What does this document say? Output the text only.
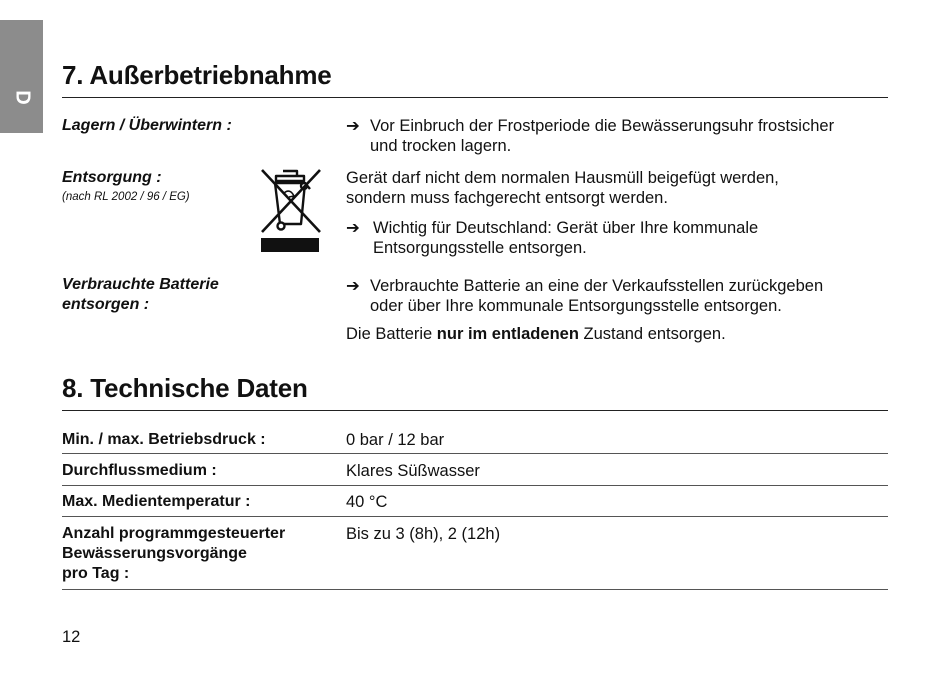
D
7. Außerbetriebnahme
Lagern / Überwintern :	➔ Vor Einbruch der Frostperiode die Bewässerungsuhr frostsicher
und trocken lagern.
Entsorgung :
(nach RL 2002 / 96 / EG)
Gerät darf nicht dem normalen Hausmüll beigefügt werden,
sondern muss fachgerecht entsorgt werden.
➔ Wichtig für Deutschland: Gerät über Ihre kommunale
Entsorgungsstelle entsorgen.
Verbrauchte Batterie
entsorgen :
➔ Verbrauchte Batterie an eine der Verkaufsstellen zurückgeben
oder über Ihre kommunale Entsorgungsstelle entsorgen.
Die Batterie nur im entladenen Zustand entsorgen.
8. Technische Daten
Min. / max. Betriebsdruck :	0 bar / 12 bar
Durchflussmedium :	Klares Süßwasser
Max. Medientemperatur :	40 °C
Anzahl programmgesteuerter
Bewässerungsvorgänge
pro Tag :
Bis zu 3 (8h), 2 (12h)
12
